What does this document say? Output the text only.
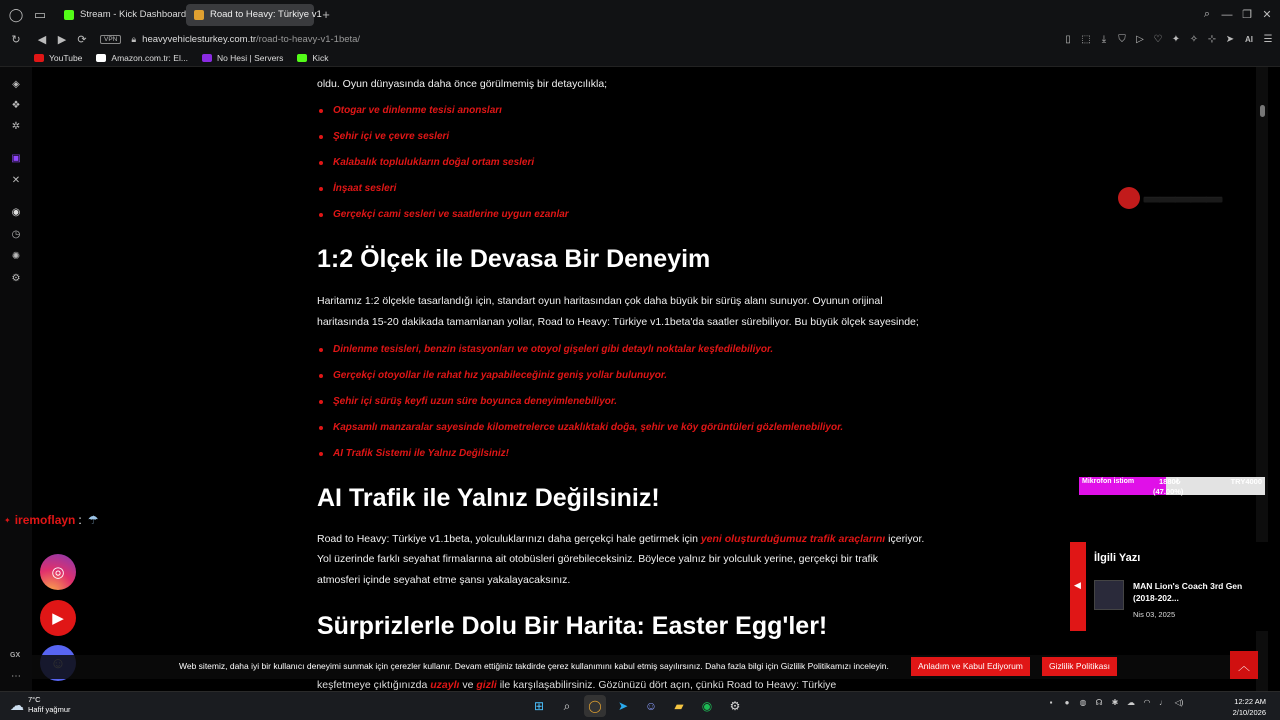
◯ ▭	Stream - Kick Dashboard	Road to Heavy: Türkiye v1 +	⌕	— ❐ ✕
↻	◀	▶	⟳	VPN	🔒︎ heavyvehiclesturkey.com.tr/road-to-heavy-v1-1beta/	▯	⬚	⤓	⛉ ▷ ♡ ✦ ✧ ⊹ ➤	AI	☰
YouTube	Amazon.com.tr: El...	No Hesi | Servers	Kick
◈
❖
✲
▣
✕
◉
◷
✺
⚙
GX
⋯
oldu. Oyun dünyasında daha önce görülmemiş bir detaycılıkla;
Otogar ve dinlenme tesisi anonsları
Şehir içi ve çevre sesleri
Kalabalık toplulukların doğal ortam sesleri
İnşaat sesleri
Gerçekçi cami sesleri ve saatlerine uygun ezanlar
1:2 Ölçek ile Devasa Bir Deneyim
Haritamız 1:2 ölçekle tasarlandığı için, standart oyun haritasından çok daha büyük bir sürüş alanı sunuyor. Oyunun orijinal
haritasında 15-20 dakikada tamamlanan yollar, Road to Heavy: Türkiye v1.1beta'da saatler sürebiliyor. Bu büyük ölçek sayesinde;
Dinlenme tesisleri, benzin istasyonları ve otoyol gişeleri gibi detaylı noktalar keşfedilebiliyor.
Gerçekçi otoyollar ile rahat hız yapabileceğiniz geniş yollar bulunuyor.
Şehir içi sürüş keyfi uzun süre boyunca deneyimlenebiliyor.
Kapsamlı manzaralar sayesinde kilometrelerce uzaklıktaki doğa, şehir ve köy görüntüleri gözlemlenebiliyor.
AI Trafik Sistemi ile Yalnız Değilsiniz!
AI Trafik ile Yalnız Değilsiniz!
Road to Heavy: Türkiye v1.1beta, yolculuklarınızı daha gerçekçi hale getirmek için yeni oluşturduğumuz trafik araçlarını içeriyor.
Yol üzerinde farklı seyahat firmalarına ait otobüsleri görebileceksiniz. Böylece yalnız bir yolculuk yerine, gerçekçi bir trafik
atmosferi içinde seyahat etme şansı yakalayacaksınız.
Sürprizlerle Dolu Bir Harita: Easter Egg'ler!
keşfetmeye çıktığınızda uzaylı ve gizli ile karşılaşabilirsiniz. Gözünüzü dört açın, çünkü Road to Heavy: Türkiye
▬▬▬▬▬
Mikrofon istiom	1880₺
(47.00%)
TRY4000
✦ iremoflayn : ☂
◎
▶
◀
İlgili Yazı
MAN Lion's Coach 3rd Gen (2018-202...
Nis 03, 2025
Web sitemiz, daha iyi bir kullanıcı deneyimi sunmak için çerezler kullanır. Devam ettiğiniz takdirde çerez kullanımını kabul etmiş sayılırsınız. Daha fazla bilgi için Gizlilik Politikamızı inceleyin.	Anladım ve Kabul Ediyorum	Gizlilik Politikası	︿
☁ 7°C
Hafif yağmur	⊞	⌕	◯	➤	☺	▰	◉	⚙	▪	●	◍	☊	✱	☁	◠	♩ ◁)	12:22 AM
2/10/2026
